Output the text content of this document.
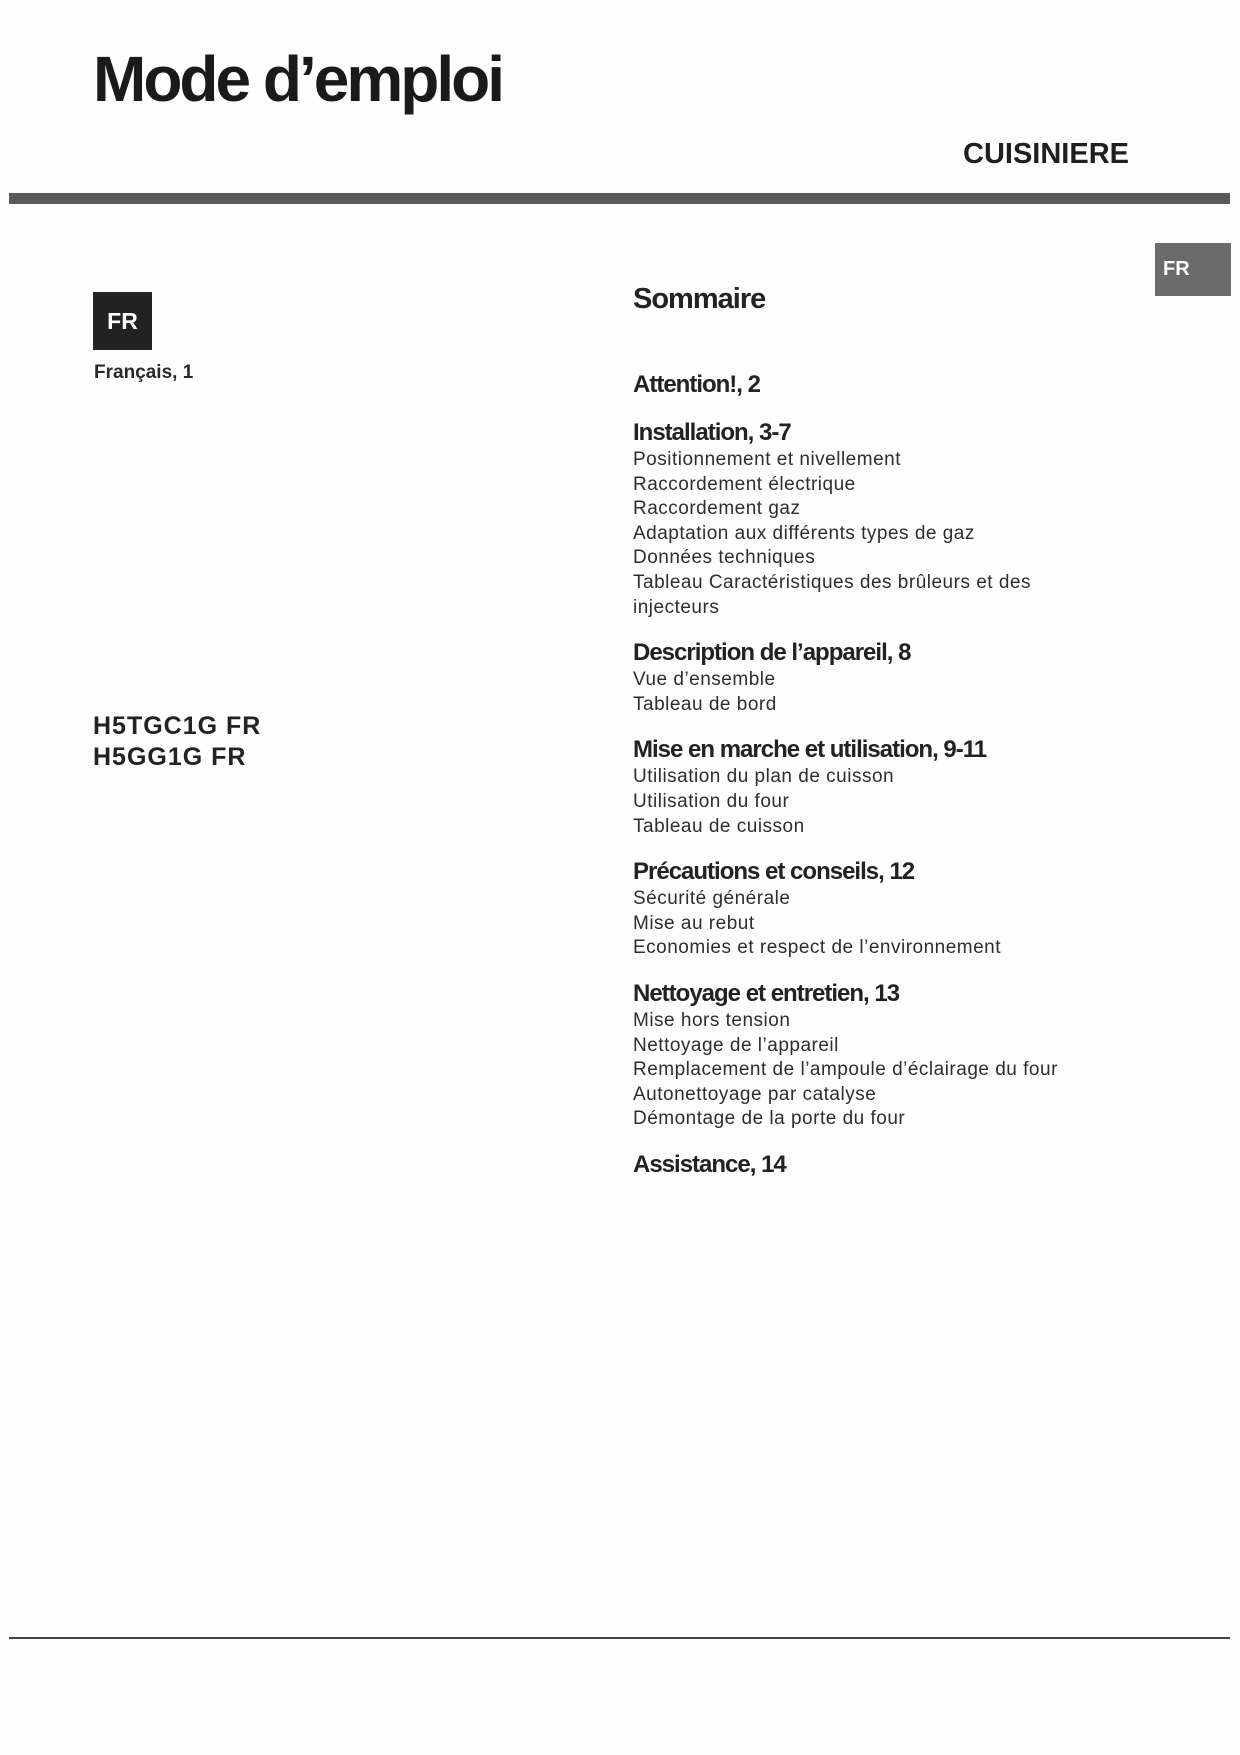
Mode d’emploi
CUISINIERE
FR
FR
Français, 1
H5TGC1G FR
H5GG1G FR
Sommaire
Attention!, 2
Installation, 3-7
Positionnement et nivellement
Raccordement électrique
Raccordement gaz
Adaptation aux différents types de gaz
Données techniques
Tableau Caractéristiques des brûleurs et des injecteurs
Description de l’appareil, 8
Vue d’ensemble
Tableau de bord
Mise en marche et utilisation, 9-11
Utilisation du plan de cuisson
Utilisation du four
Tableau de cuisson
Précautions et conseils, 12
Sécurité générale
Mise au rebut
Economies et respect de l’environnement
Nettoyage et entretien, 13
Mise hors tension
Nettoyage de l’appareil
Remplacement de l’ampoule d’éclairage du four
Autonettoyage par catalyse
Démontage de la porte du four
Assistance, 14
